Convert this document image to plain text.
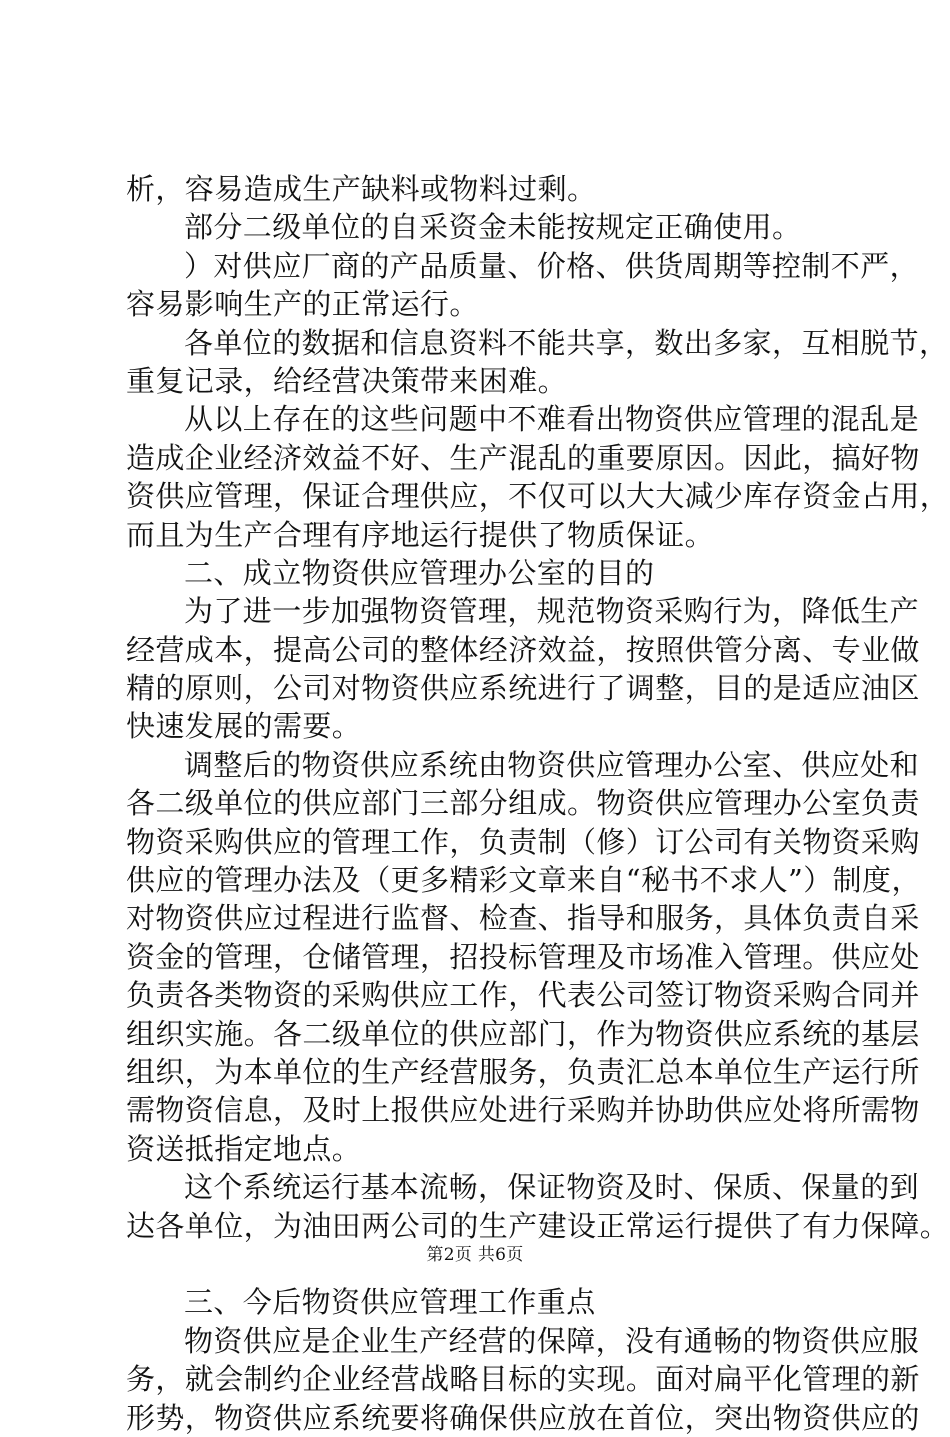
析，容易造成生产缺料或物料过剩。
部分二级单位的自采资金未能按规定正确使用。
）对供应厂商的产品质量、价格、供货周期等控制不严，
容易影响生产的正常运行。
各单位的数据和信息资料不能共享，数出多家，互相脱节，
重复记录，给经营决策带来困难。
从以上存在的这些问题中不难看出物资供应管理的混乱是
造成企业经济效益不好、生产混乱的重要原因。因此，搞好物
资供应管理，保证合理供应，不仅可以大大减少库存资金占用，
而且为生产合理有序地运行提供了物质保证。
二、成立物资供应管理办公室的目的
为了进一步加强物资管理，规范物资采购行为，降低生产
经营成本，提高公司的整体经济效益，按照供管分离、专业做
精的原则，公司对物资供应系统进行了调整，目的是适应油区
快速发展的需要。
调整后的物资供应系统由物资供应管理办公室、供应处和
各二级单位的供应部门三部分组成。物资供应管理办公室负责
物资采购供应的管理工作，负责制（修）订公司有关物资采购
供应的管理办法及（更多精彩文章来自“秘书不求人”）制度，
对物资供应过程进行监督、检查、指导和服务，具体负责自采
资金的管理，仓储管理，招投标管理及市场准入管理。供应处
负责各类物资的采购供应工作，代表公司签订物资采购合同并
组织实施。各二级单位的供应部门，作为物资供应系统的基层
组织，为本单位的生产经营服务，负责汇总本单位生产运行所
需物资信息，及时上报供应处进行采购并协助供应处将所需物
资送抵指定地点。
这个系统运行基本流畅，保证物资及时、保质、保量的到
达各单位，为油田两公司的生产建设正常运行提供了有力保障。
三、今后物资供应管理工作重点
物资供应是企业生产经营的保障，没有通畅的物资供应服
务，就会制约企业经营战略目标的实现。面对扁平化管理的新
形势，物资供应系统要将确保供应放在首位，突出物资供应的
第2页 共6页
